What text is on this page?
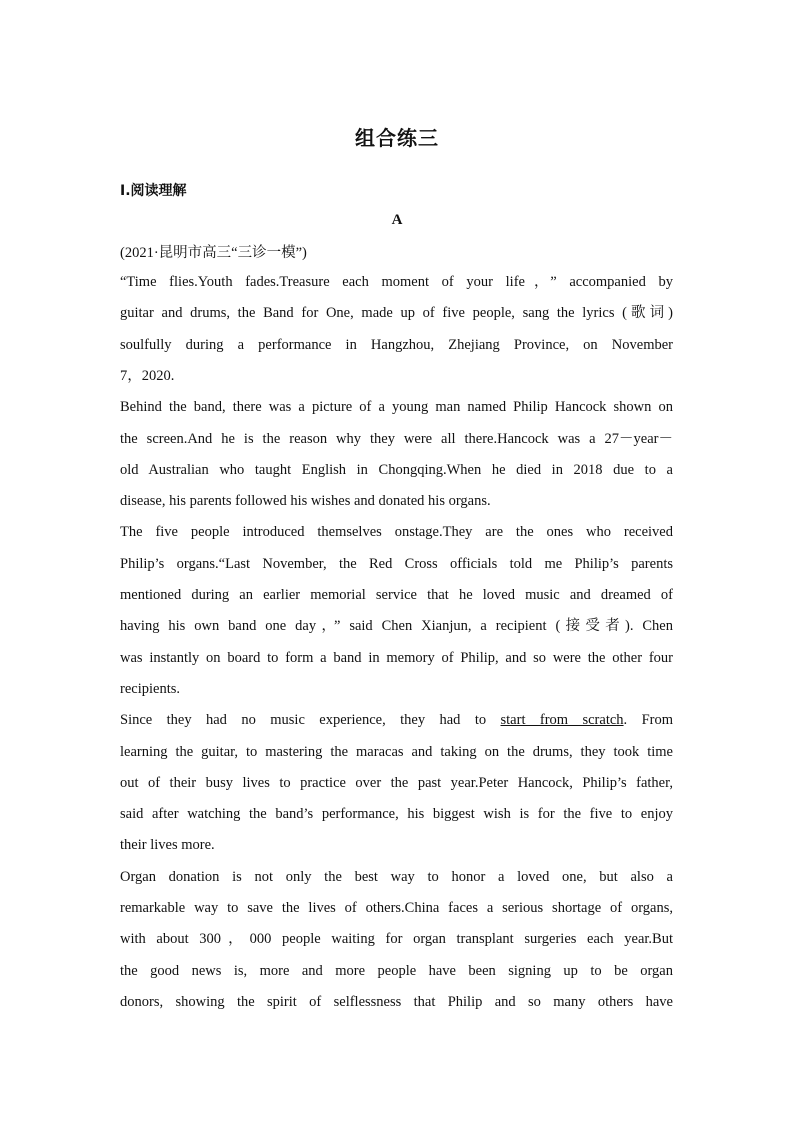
组合练三
Ⅰ.阅读理解
A
(2021·昆明市高三“三诊一模”)
“Time flies.Youth fades.Treasure each moment of your life，” accompanied by
guitar and drums, the Band for One, made up of five people, sang the lyrics (歌词)
soulfully during a performance in Hangzhou, Zhejiang Province, on November
7，2020.
Behind the band, there was a picture of a young man named Philip Hancock shown on
the screen.And he is the reason why they were all there.Hancock was a 27－year－
old Australian who taught English in Chongqing.When he died in 2018 due to a
disease, his parents followed his wishes and donated his organs.
The five people introduced themselves onstage.They are the ones who received
Philip’s organs.“Last November, the Red Cross officials told me Philip’s parents
mentioned during an earlier memorial service that he loved music and dreamed of
having his own band one day，” said Chen Xianjun, a recipient (接受者). Chen
was instantly on board to form a band in memory of Philip, and so were the other four
recipients.
Since they had no music experience, they had to start from scratch. From
learning the guitar, to mastering the maracas and taking on the drums, they took time
out of their busy lives to practice over the past year.Peter Hancock, Philip’s father,
said after watching the band’s performance, his biggest wish is for the five to enjoy
their lives more.
Organ donation is not only the best way to honor a loved one, but also a
remarkable way to save the lives of others.China faces a serious shortage of organs,
with about 300，000 people waiting for organ transplant surgeries each year.But
the good news is, more and more people have been signing up to be organ
donors, showing the spirit of selflessness that Philip and so many others have
